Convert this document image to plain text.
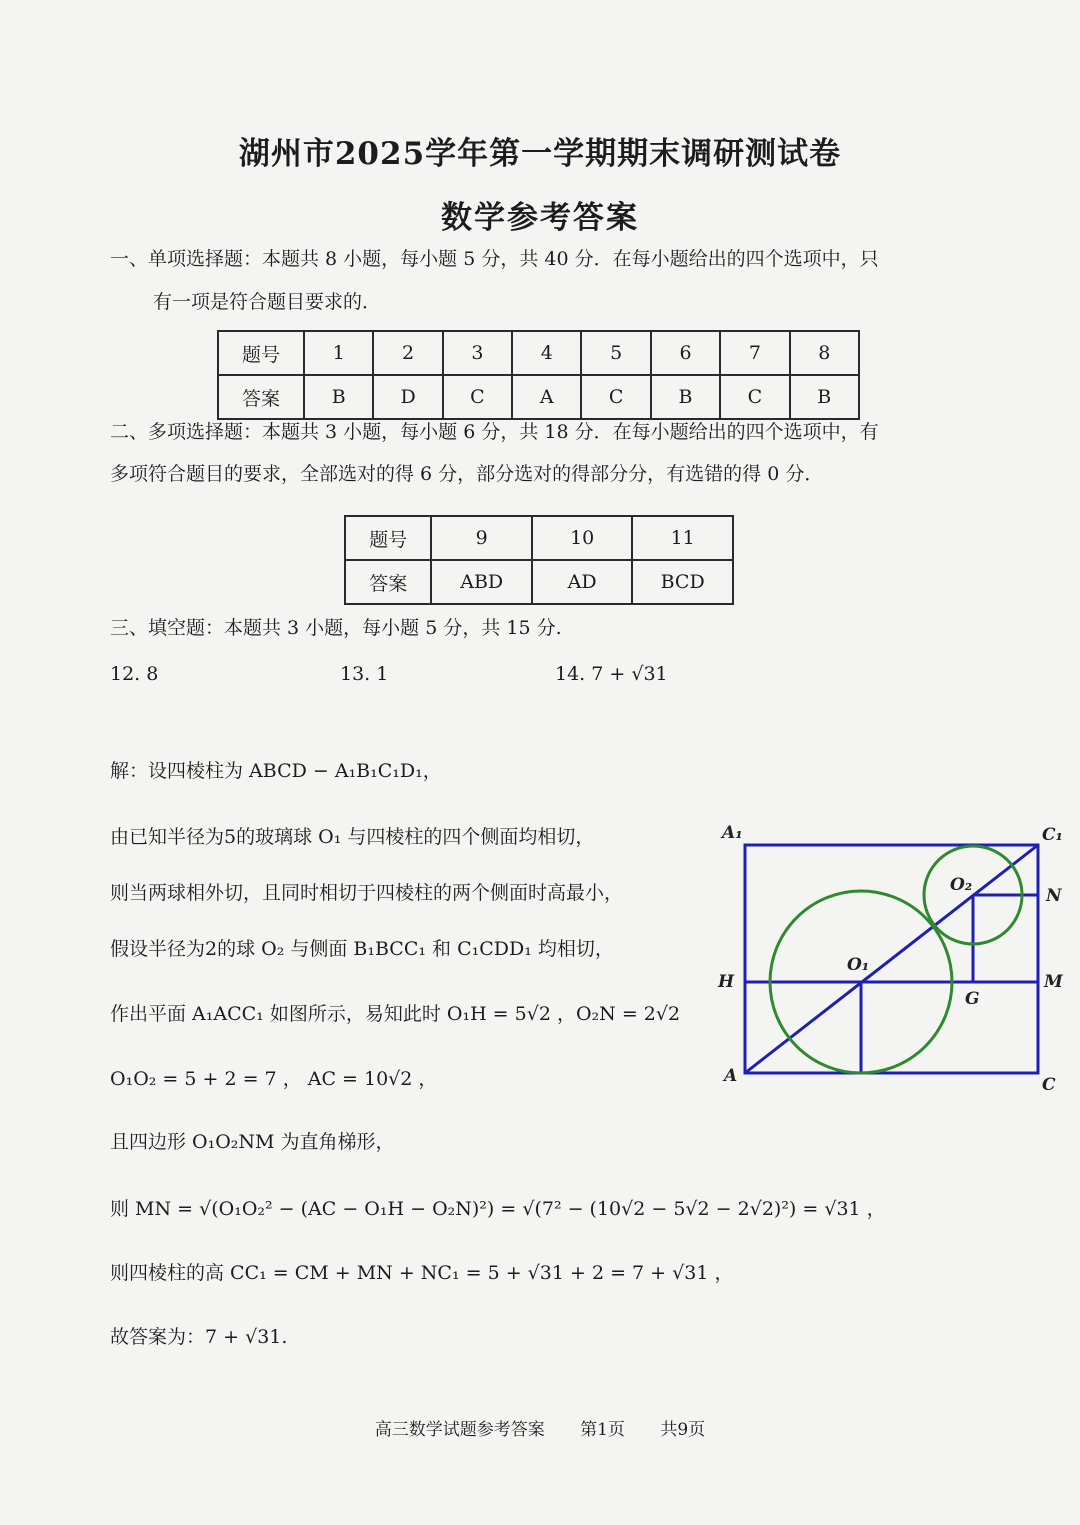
湖州市2025学年第一学期期末调研测试卷
数学参考答案
一、单项选择题：本题共 8 小题，每小题 5 分，共 40 分．在每小题给出的四个选项中，只
有一项是符合题目要求的．
题号	1	2	3	4	5	6	7	8
答案	B	D	C	A	C	B	C	B
二、多项选择题：本题共 3 小题，每小题 6 分，共 18 分．在每小题给出的四个选项中，有
多项符合题目的要求，全部选对的得 6 分，部分选对的得部分分，有选错的得 0 分．
题号	9	10	11
答案	ABD	AD	BCD
三、填空题：本题共 3 小题，每小题 5 分，共 15 分.
12. 8	13. 1	14. 7 + √31
解：设四棱柱为 ABCD − A₁B₁C₁D₁，
由已知半径为5的玻璃球 O₁ 与四棱柱的四个侧面均相切，
则当两球相外切，且同时相切于四棱柱的两个侧面时高最小，
假设半径为2的球 O₂ 与侧面 B₁BCC₁ 和 C₁CDD₁ 均相切，
作出平面 A₁ACC₁ 如图所示，易知此时 O₁H = 5√2 ，O₂N = 2√2
O₁O₂ = 5 + 2 = 7 ， AC = 10√2 ，
且四边形 O₁O₂NM 为直角梯形，
则 MN = √(O₁O₂² − (AC − O₁H − O₂N)²) = √(7² − (10√2 − 5√2 − 2√2)²) = √31 ，
则四棱柱的高 CC₁ = CM + MN + NC₁ = 5 + √31 + 2 = 7 + √31 ，
故答案为：7 + √31.
A₁	C₁
O₂
N
H
O₁
M
G
A	C
高三数学试题参考答案 第1页 共9页
